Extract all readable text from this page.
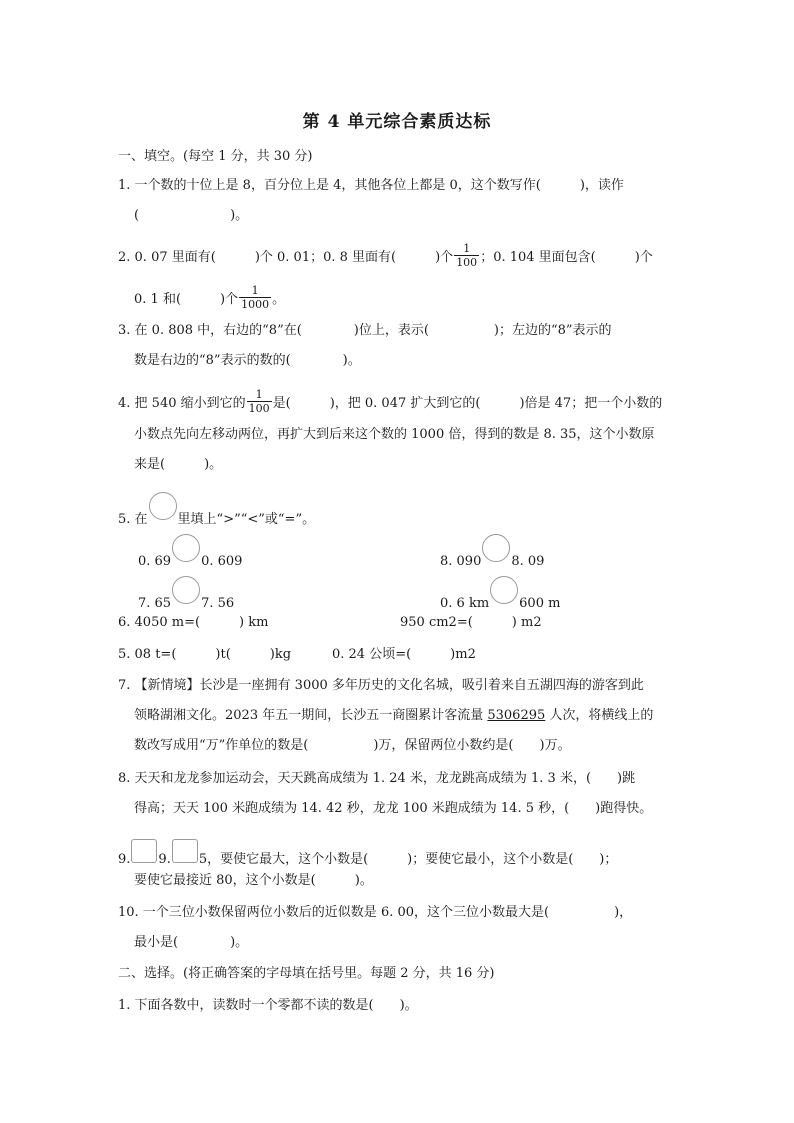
第 4 单元综合素质达标
一、填空。(每空 1 分，共 30 分)
1. 一个数的十位上是 8，百分位上是 4，其他各位上都是 0，这个数写作(　　　)，读作
(　　　　　　　)。
2. 0. 07 里面有(　　　)个 0. 01；0. 8 里面有(　　　)个 $\frac{1}{100}$ ；0. 104 里面包含(　　　)个
0. 1 和(　　　)个 $\frac{1}{1000}$ 。
3. 在 0. 808 中，右边的“8”在(　　　　)位上，表示(　　　　　)；左边的“8”表示的
数是右边的“8”表示的数的(　　　　)。
4. 把 540 缩小到它的 $\frac{1}{100}$ 是(　　　)，把 0. 047 扩大到它的(　　　)倍是 47；把一个小数的
小数点先向左移动两位，再扩大到后来这个数的 1000 倍，得到的数是 8. 35，这个小数原
来是(　　　)。
5. 在 里填上“>”“<”或“=”。
0. 69 0. 609	8. 090 8. 09
7. 65 7. 56	0. 6 km 600 m
6. 4050 m=(　　　) km	950 cm2=(　　　) m2
5. 08 t=(　　　)t(　　　)kg	0. 24 公顷=(　　　)m2
7. 【新情境】长沙是一座拥有 3000 多年历史的文化名城，吸引着来自五湖四海的游客到此
领略湖湘文化。2023 年五一期间，长沙五一商圈累计客流量 5306295 人次，将横线上的
数改写成用“万”作单位的数是(　　　　　)万，保留两位小数约是(　　)万。
8. 天天和龙龙参加运动会，天天跳高成绩为 1. 24 米，龙龙跳高成绩为 1. 3 米，(　　)跳
得高；天天 100 米跑成绩为 14. 42 秒，龙龙 100 米跑成绩为 14. 5 秒，(　　)跑得快。
9. 9. 5，要使它最大，这个小数是(　　　)；要使它最小，这个小数是(　　)；
要使它最接近 80，这个小数是(　　　)。
10. 一个三位小数保留两位小数后的近似数是 6. 00，这个三位小数最大是(　　　　　)，
最小是(　　　　)。
二、选择。(将正确答案的字母填在括号里。每题 2 分，共 16 分)
1. 下面各数中，读数时一个零都不读的数是(　　)。
